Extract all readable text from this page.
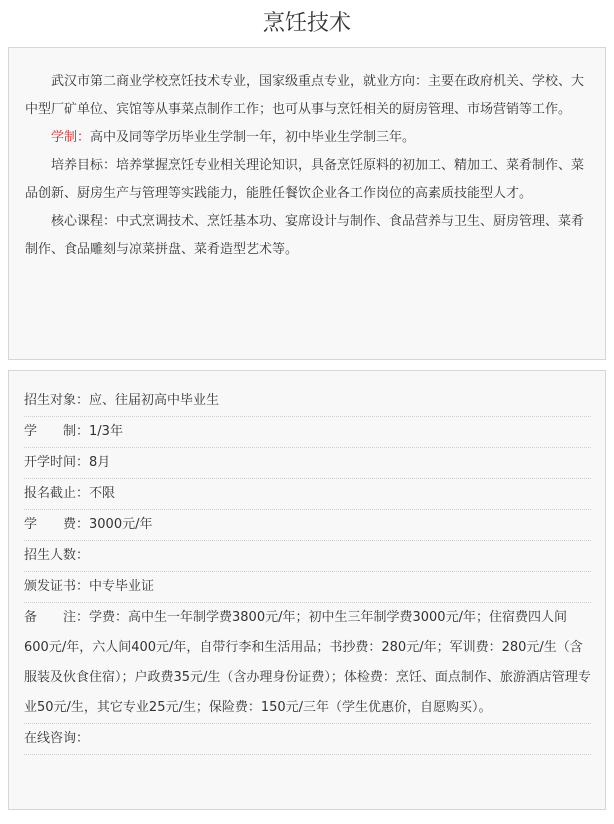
烹饪技术

武汉市第二商业学校烹饪技术专业，国家级重点专业，就业方向：主要在政府机关、学校、大中型厂矿单位、宾馆等从事菜点制作工作；也可从事与烹饪相关的厨房管理、市场营销等工作。

学制：高中及同等学历毕业生学制一年，初中毕业生学制三年。

培养目标：培养掌握烹饪专业相关理论知识，具备烹饪原料的初加工、精加工、菜肴制作、菜品创新、厨房生产与管理等实践能力，能胜任餐饮企业各工作岗位的高素质技能型人才。

核心课程：中式烹调技术、烹饪基本功、宴席设计与制作、食品营养与卫生、厨房管理、菜肴制作、食品雕刻与凉菜拼盘、菜肴造型艺术等。

招生对象：应、往届初高中毕业生
学　　制：1/3年
开学时间：8月
报名截止：不限
学　　费：3000元/年
招生人数：
颁发证书：中专毕业证
备　　注：学费：高中生一年制学费3800元/年；初中生三年制学费3000元/年；住宿费四人间600元/年，六人间400元/年，自带行李和生活用品；书抄费：280元/年；军训费：280元/生（含服装及伙食住宿）；户政费35元/生（含办理身份证费）；体检费：烹饪、面点制作、旅游酒店管理专业50元/生，其它专业25元/生；保险费：150元/三年（学生优惠价，自愿购买）。
在线咨询：
